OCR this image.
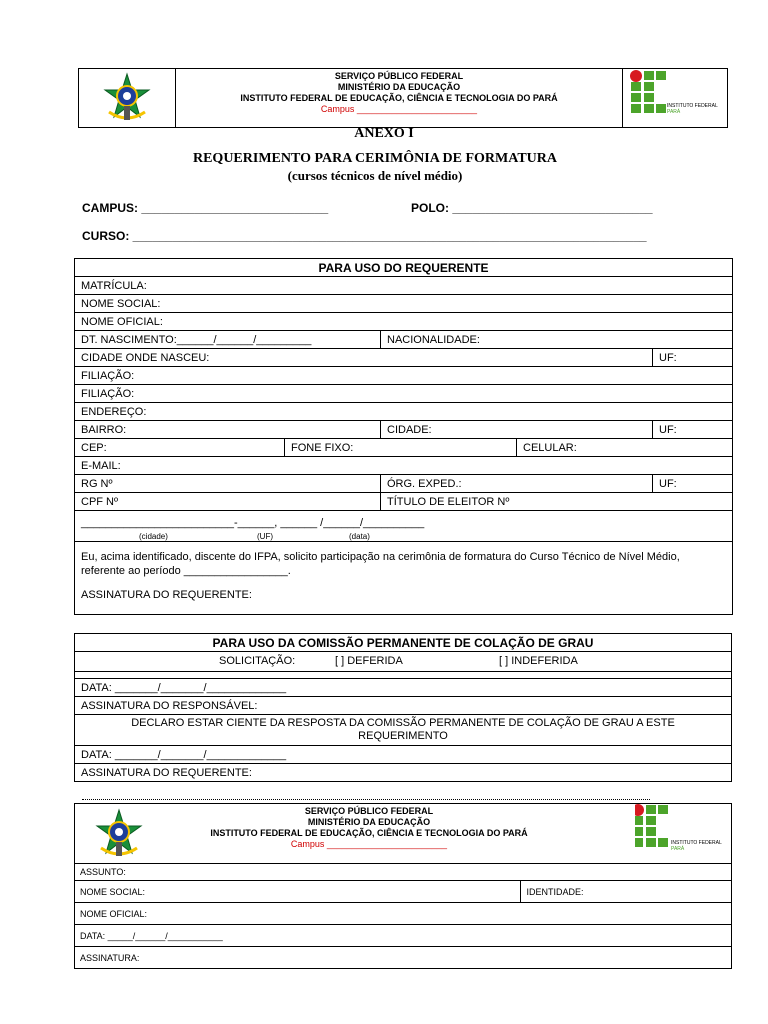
SERVIÇO PÚBLICO FEDERAL
MINISTÉRIO DA EDUCAÇÃO
INSTITUTO FEDERAL DE EDUCAÇÃO, CIÊNCIA E TECNOLOGIA DO PARÁ
Campus ________________________	INSTITUTO FEDERAL
PARÁ
ANEXO I
REQUERIMENTO PARA CERIMÔNIA DE FORMATURA
(cursos técnicos de nível médio)
CAMPUS: ____________________________	POLO: ______________________________
CURSO: _____________________________________________________________________________
PARA USO DO REQUERENTE				
MATRÍCULA:				
NOME SOCIAL:				
NOME OFICIAL:				
DT. NASCIMENTO:______/______/_________		NACIONALIDADE:		
CIDADE ONDE NASCEU:				UF:
FILIAÇÃO:				
FILIAÇÃO:				
ENDEREÇO:				
BAIRRO:		CIDADE:		UF:
CEP:	FONE FIXO:		CELULAR:	
E-MAIL:				
RG Nº		ÓRG. EXPED.:		UF:
CPF Nº		TÍTULO DE ELEITOR Nº		

_________________________-______, ______ /______/__________
(cidade) (UF) (data)				

Eu, acima identificado, discente do IFPA, solicito participação na cerimônia de formatura do Curso Técnico de Nível Médio,
referente ao período _________________.
ASSINATURA DO REQUERENTE:				
PARA USO DA COMISSÃO PERMANENTE DE COLAÇÃO DE GRAU

SOLICITAÇÃO:	[ ] DEFERIDA	[ ] INDEFERIDA

DATA: _______/_______/_____________
ASSINATURA DO RESPONSÁVEL:

DECLARO ESTAR CIENTE DA RESPOSTA DA COMISSÃO PERMANENTE DE COLAÇÃO DE GRAU A ESTE
REQUERIMENTO

DATA: _______/_______/_____________
ASSINATURA DO REQUERENTE:
SERVIÇO PÚBLICO FEDERAL
MINISTÉRIO DA EDUCAÇÃO
INSTITUTO FEDERAL DE EDUCAÇÃO, CIÊNCIA E TECNOLOGIA DO PARÁ
Campus ________________________	INSTITUTO FEDERAL
PARÁ
ASSUNTO:
NOME SOCIAL:	IDENTIDADE:
NOME OFICIAL:
DATA: _____/______/___________
ASSINATURA:
